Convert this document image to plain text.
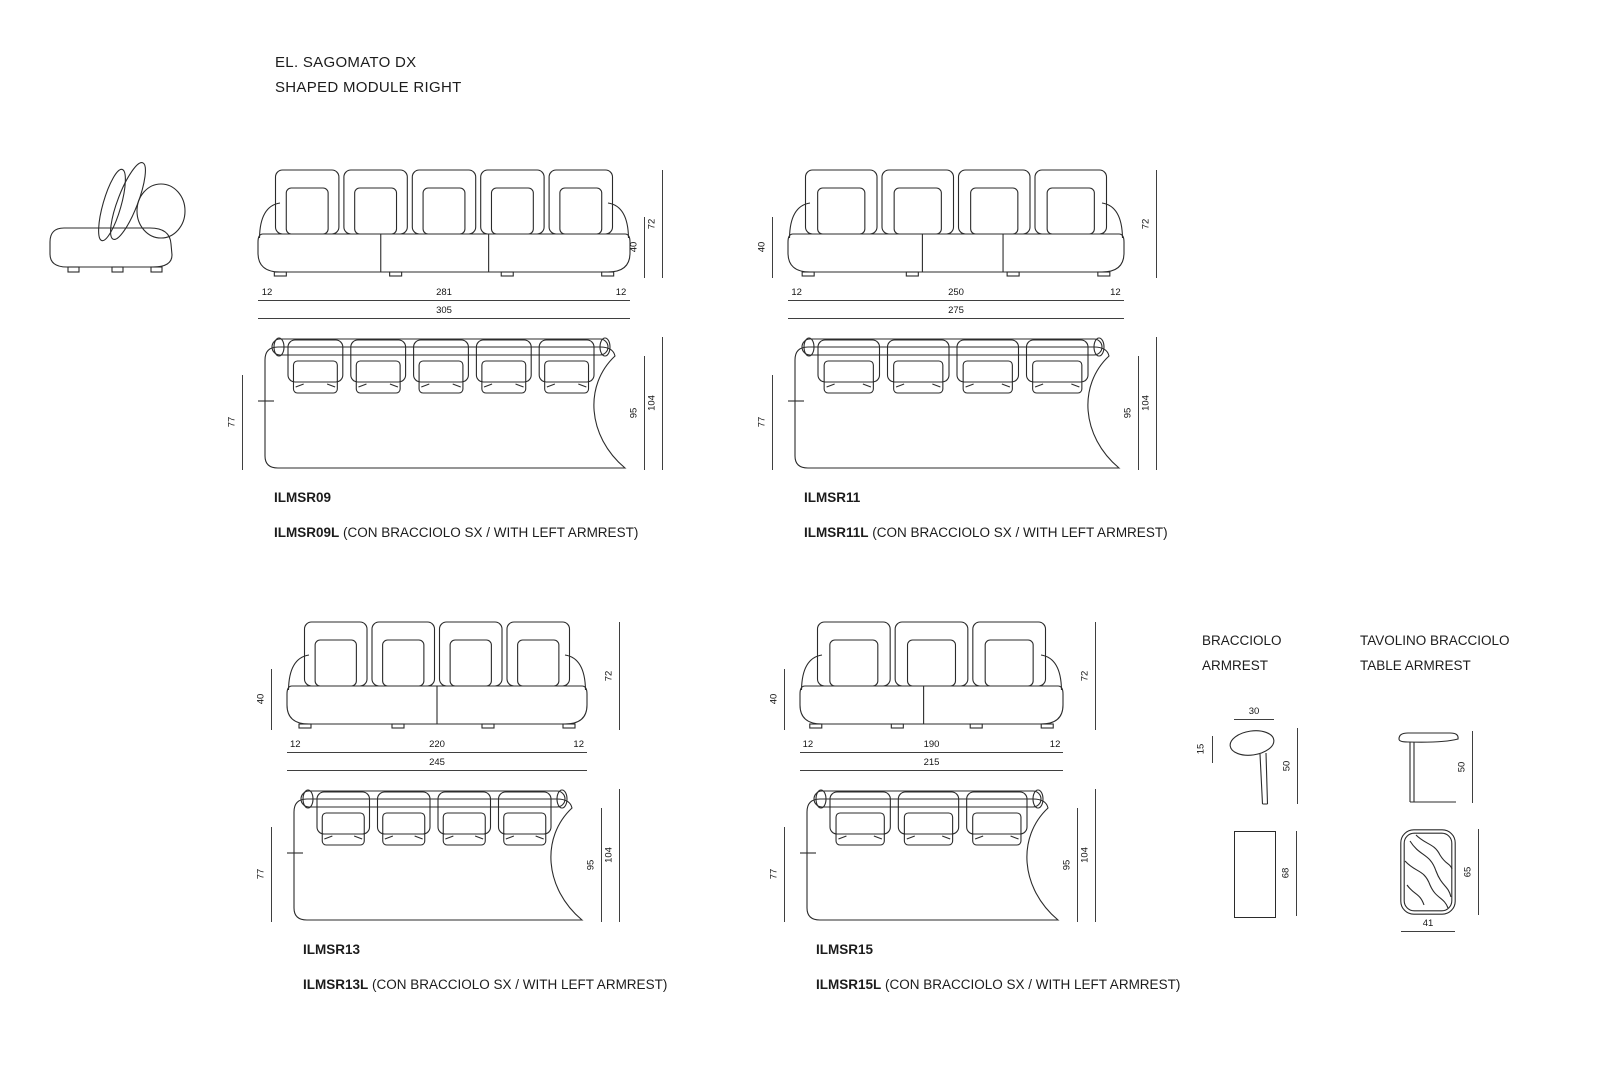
EL. SAGOMATO DX
SHAPED MODULE RIGHT
BRACCIOLO
ARMREST
30
15
50
68
TAVOLINO BRACCIOLO
TABLE ARMREST
50
65
41
12	281	12
305
40
72
77
95
104
ILMSR09
ILMSR09L (CON BRACCIOLO SX / WITH LEFT ARMREST)
12	250	12
275
40
72
77
95
104
ILMSR11
ILMSR11L (CON BRACCIOLO SX / WITH LEFT ARMREST)
12	220	12
245
40
72
77
95
104
ILMSR13
ILMSR13L (CON BRACCIOLO SX / WITH LEFT ARMREST)
12	190	12
215
40
72
77
95
104
ILMSR15
ILMSR15L (CON BRACCIOLO SX / WITH LEFT ARMREST)
